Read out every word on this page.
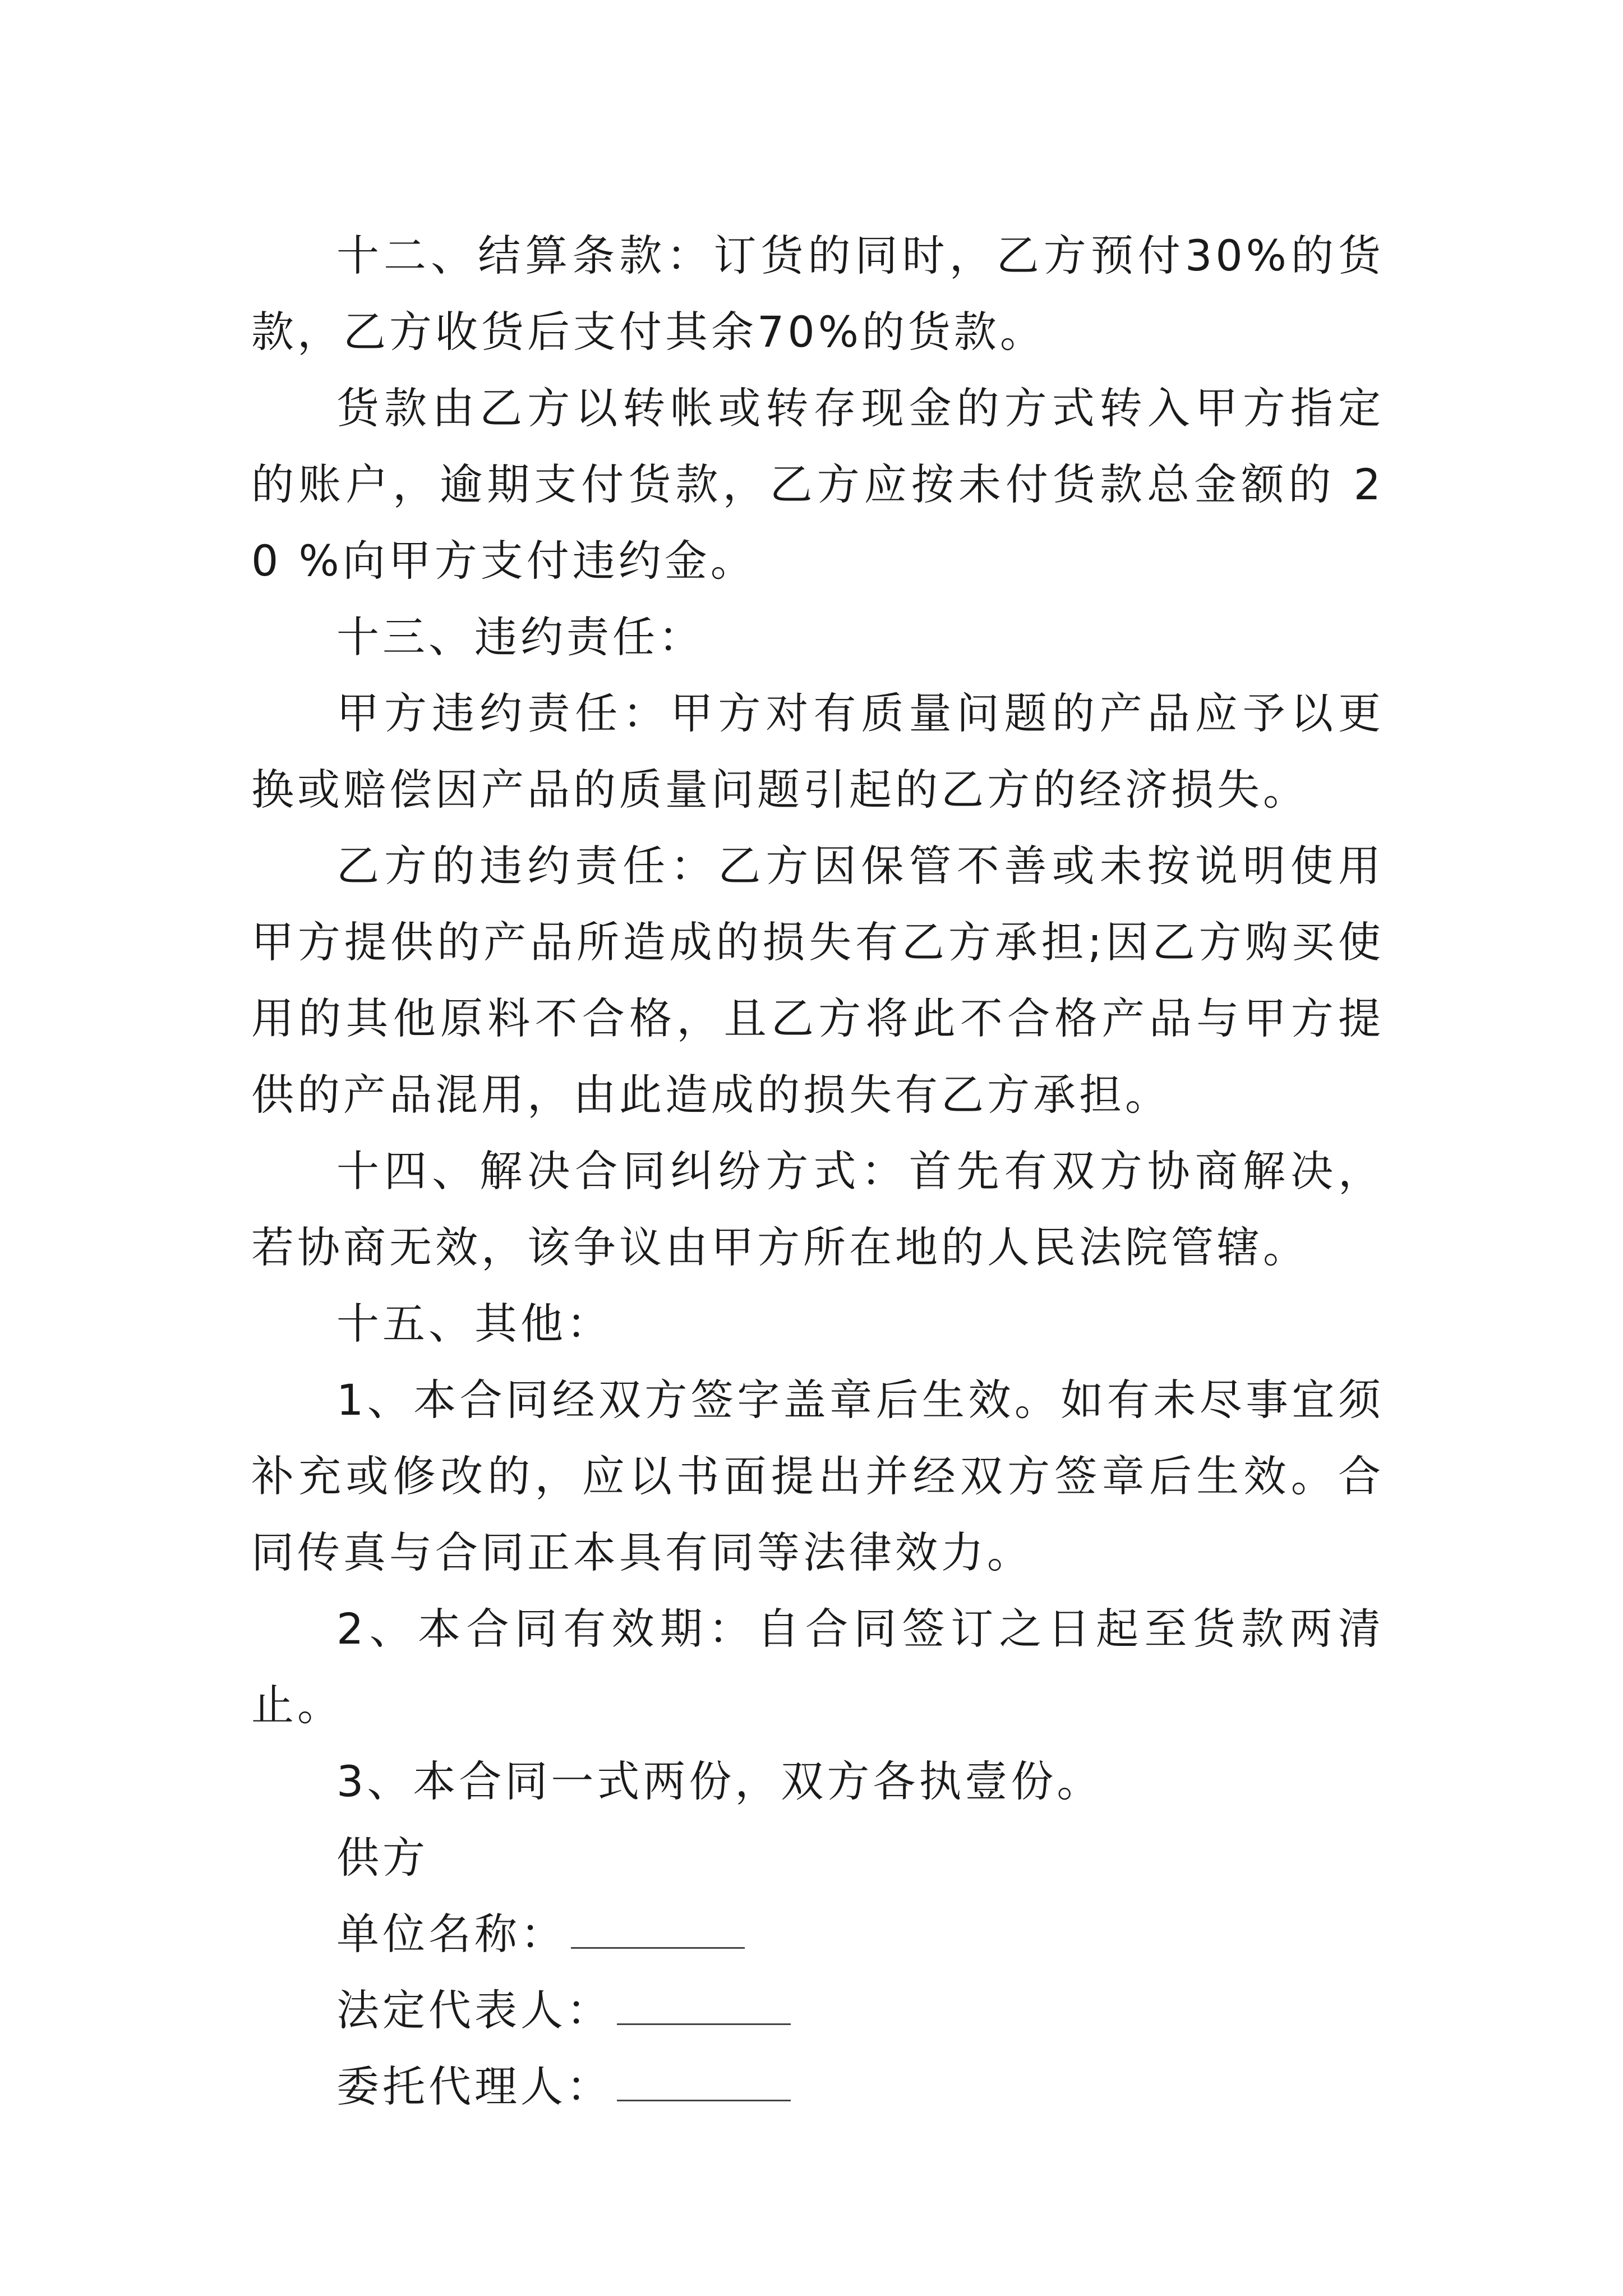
十二、结算条款：订货的同时，乙方预付30%的货款，乙方收货后支付其余70%的货款。

货款由乙方以转帐或转存现金的方式转入甲方指定的账户，逾期支付货款，乙方应按未付货款总金额的 20 %向甲方支付违约金。

十三、违约责任：

甲方违约责任：甲方对有质量问题的产品应予以更换或赔偿因产品的质量问题引起的乙方的经济损失。

乙方的违约责任：乙方因保管不善或未按说明使用甲方提供的产品所造成的损失有乙方承担;因乙方购买使用的其他原料不合格，且乙方将此不合格产品与甲方提供的产品混用，由此造成的损失有乙方承担。

十四、解决合同纠纷方式：首先有双方协商解决，若协商无效，该争议由甲方所在地的人民法院管辖。

十五、其他：

1、本合同经双方签字盖章后生效。如有未尽事宜须补充或修改的，应以书面提出并经双方签章后生效。合同传真与合同正本具有同等法律效力。

2、本合同有效期：自合同签订之日起至货款两清止。

3、本合同一式两份，双方各执壹份。

供方

单位名称：

法定代表人：

委托代理人：
